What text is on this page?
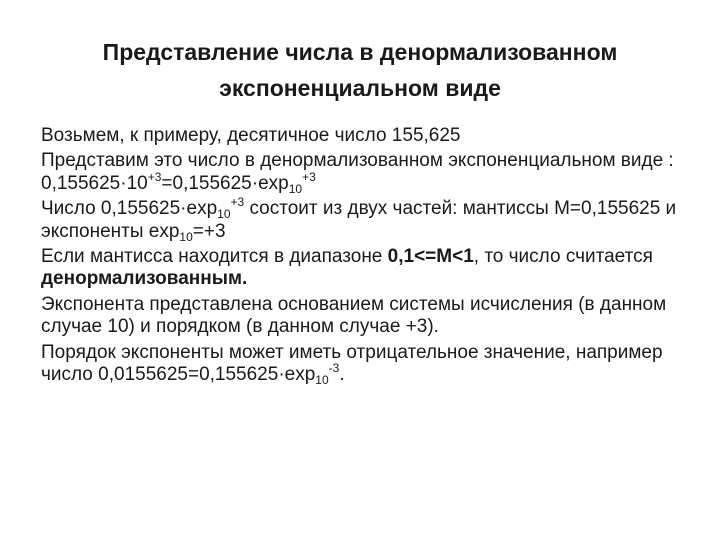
Представление числа в денормализованном
экспоненциальном виде

Возьмем, к примеру, десятичное число 155,625

Представим это число в денормализованном экспоненциальном виде : $0,155625\cdot 10^{+3}=0,155625\cdot\exp_{10}^{+3}$

Число $0,155625\cdot\exp_{10}^{+3}$ состоит из двух частей: мантиссы M=0,155625 и экспоненты $\exp_{10}=+3$

Если мантисса находится в диапазоне 0,1<=M<1, то число считается денормализованным.

Экспонента представлена основанием системы исчисления (в данном случае 10) и порядком (в данном случае +3).

Порядок экспоненты может иметь отрицательное значение, например число $0,0155625=0,155625\cdot\exp_{10}^{-3}$.
